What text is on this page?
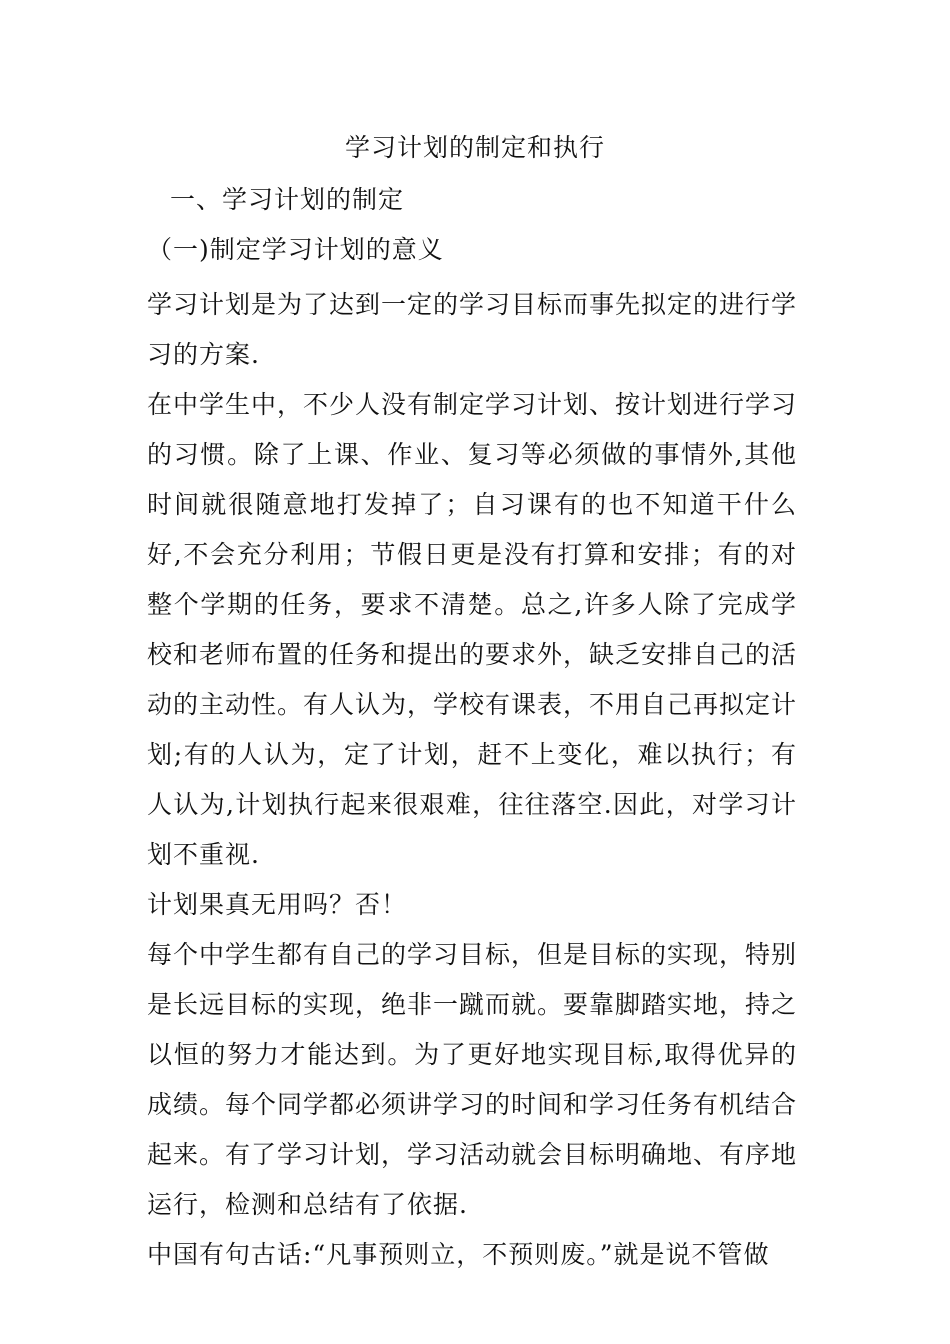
学习计划的制定和执行
一、学习计划的制定
（一)制定学习计划的意义

学习计划是为了达到一定的学习目标而事先拟定的进行学习的方案.

在中学生中，不少人没有制定学习计划、按计划进行学习的习惯。除了上课、作业、复习等必须做的事情外,其他时间就很随意地打发掉了；自习课有的也不知道干什么好,不会充分利用；节假日更是没有打算和安排；有的对整个学期的任务，要求不清楚。总之,许多人除了完成学校和老师布置的任务和提出的要求外，缺乏安排自己的活动的主动性。有人认为，学校有课表，不用自己再拟定计划;有的人认为，定了计划，赶不上变化，难以执行；有人认为,计划执行起来很艰难，往往落空.因此，对学习计划不重视.

计划果真无用吗？否！

每个中学生都有自己的学习目标，但是目标的实现，特别是长远目标的实现，绝非一蹴而就。要靠脚踏实地，持之以恒的努力才能达到。为了更好地实现目标,取得优异的成绩。每个同学都必须讲学习的时间和学习任务有机结合起来。有了学习计划，学习活动就会目标明确地、有序地运行，检测和总结有了依据.

中国有句古话:“凡事预则立，不预则废。”就是说不管做
